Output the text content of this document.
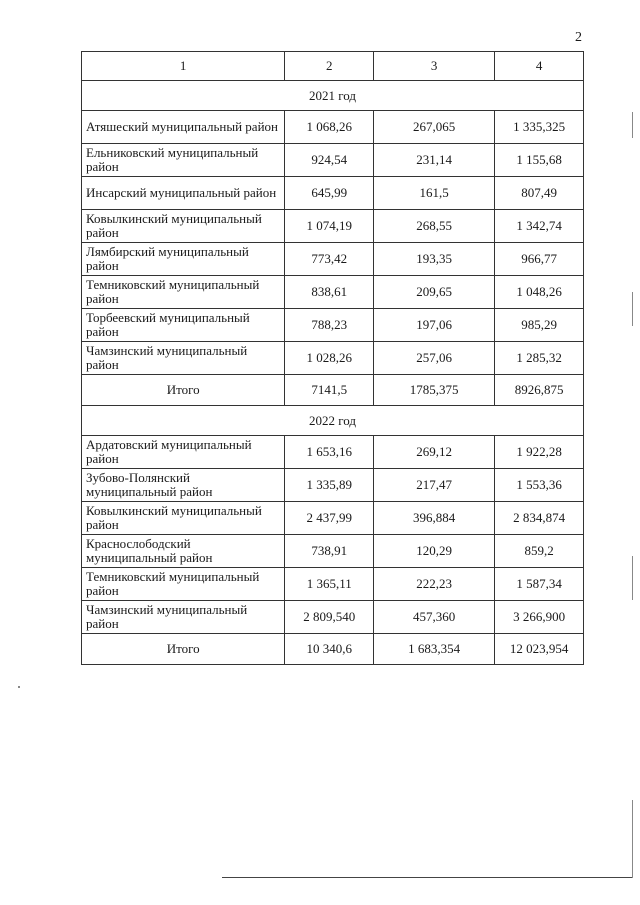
2
1	2	3	4
2021 год			
Атяшеский муниципальный район	1 068,26	267,065	1 335,325
Ельниковский муниципальный район	924,54	231,14	1 155,68
Инсарский муниципальный район	645,99	161,5	807,49
Ковылкинский муниципальный район	1 074,19	268,55	1 342,74
Лямбирский муниципальный район	773,42	193,35	966,77
Темниковский муниципальный район	838,61	209,65	1 048,26
Торбеевский муниципальный район	788,23	197,06	985,29
Чамзинский муниципальный район	1 028,26	257,06	1 285,32
Итого	7141,5	1785,375	8926,875
2022 год			
Ардатовский муниципальный район	1 653,16	269,12	1 922,28
Зубово-Полянский муниципальный район	1 335,89	217,47	1 553,36
Ковылкинский муниципальный район	2 437,99	396,884	2 834,874
Краснослободский муниципальный район	738,91	120,29	859,2
Темниковский муниципальный район	1 365,11	222,23	1 587,34
Чамзинский муниципальный район	2 809,540	457,360	3 266,900
Итого	10 340,6	1 683,354	12 023,954
